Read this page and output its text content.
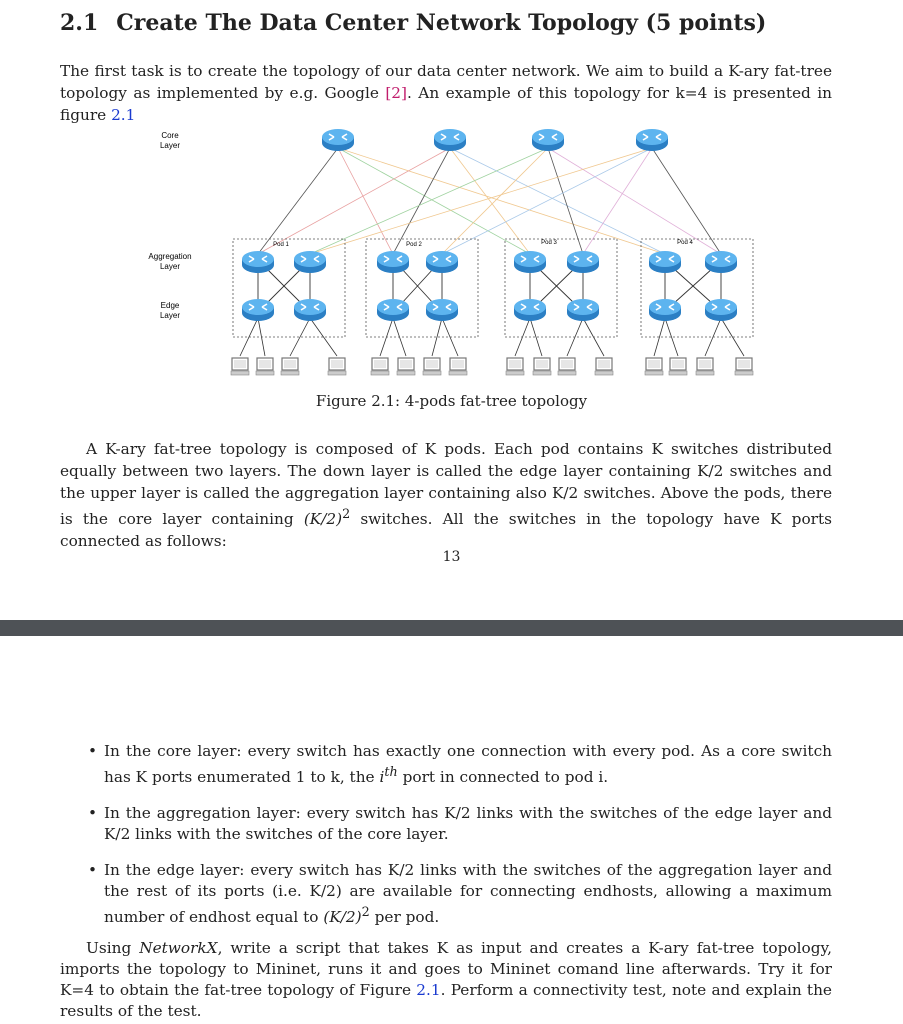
2.1 Create The Data Center Network Topology (5 points)

The first task is to create the topology of our data center network. We aim to build a K-ary fat-tree topology as implemented by e.g. Google [2]. An example of this topology for k=4 is presented in figure 2.1

Core
Layer
Aggregation
Layer
Edge
Layer
Pod 1	Pod 2	Pod 3	Pod 4
Figure 2.1: 4-pods fat-tree topology

A K-ary fat-tree topology is composed of K pods. Each pod contains K switches distributed equally between two layers. The down layer is called the edge layer containing K/2 switches and the upper layer is called the aggregation layer containing also K/2 switches. Above the pods, there is the core layer containing $(K/2)^2$ switches. All the switches in the topology have K ports connected as follows:

13
• In the core layer: every switch has exactly one connection with every pod. As a core switch has K ports enumerated 1 to k, the $i^{th}$ port in connected to pod i.
• In the aggregation layer: every switch has K/2 links with the switches of the edge layer and K/2 links with the switches of the core layer.
• In the edge layer: every switch has K/2 links with the switches of the aggregation layer and the rest of its ports (i.e. K/2) are available for connecting endhosts, allowing a maximum number of endhost equal to $(K/2)^2$ per pod.

Using NetworkX, write a script that takes K as input and creates a K-ary fat-tree topology, imports the topology to Mininet, runs it and goes to Mininet comand line afterwards. Try it for K=4 to obtain the fat-tree topology of Figure 2.1. Perform a connectivity test, note and explain the results of the test.
